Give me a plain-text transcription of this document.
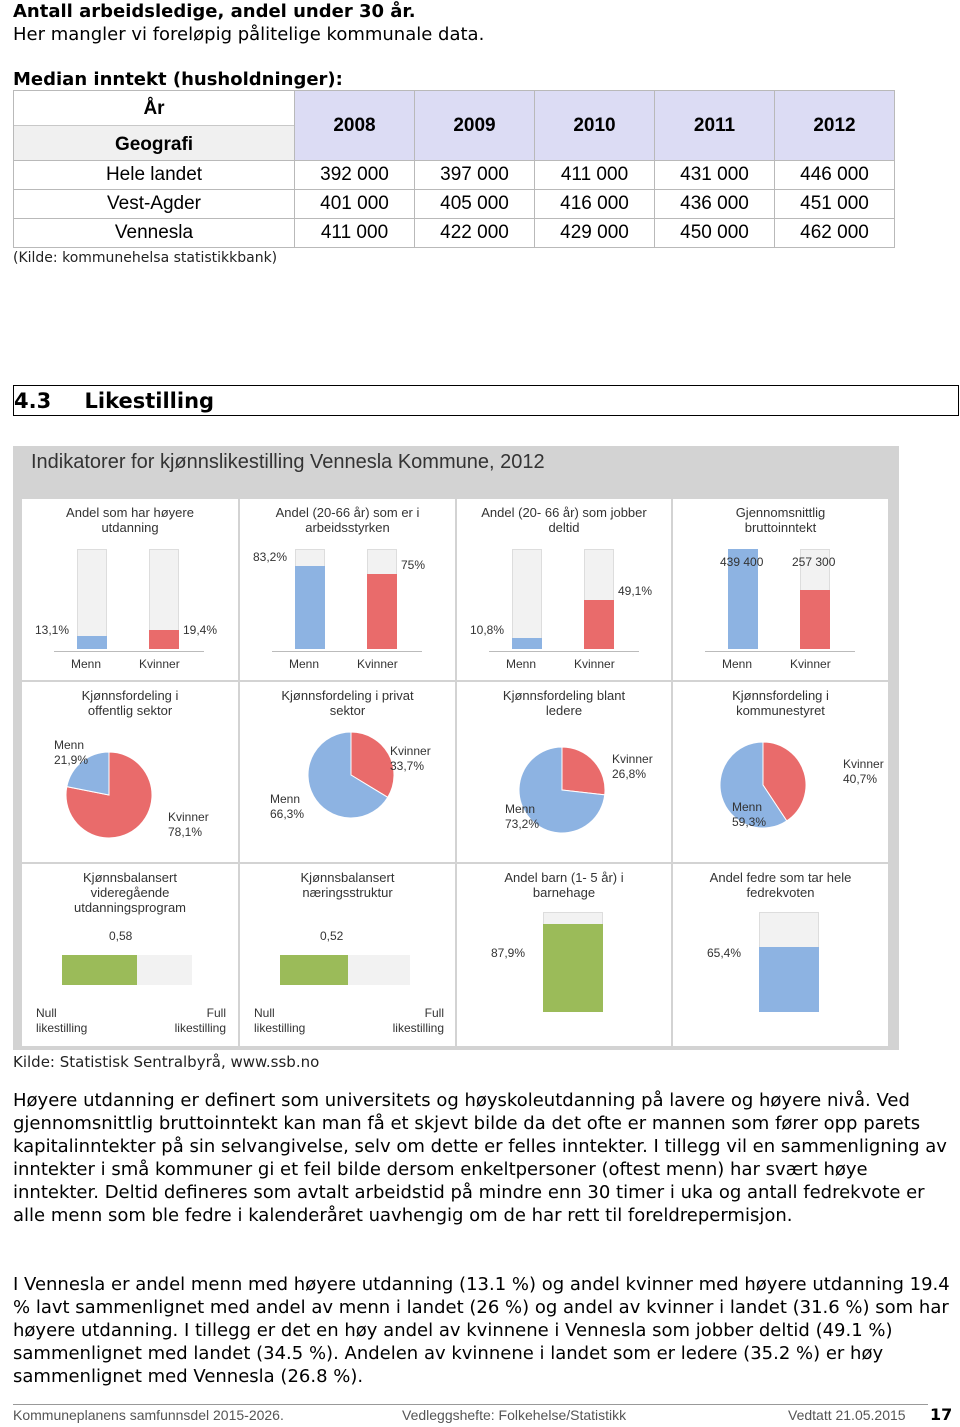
Antall arbeidsledige, andel under 30 år.
Her mangler vi foreløpig pålitelige kommunale data.
Median inntekt (husholdninger):
År
Geografi	2008	2009	2010	2011	2012
Hele landet	392 000	397 000	411 000	431 000	446 000
Vest-Agder	401 000	405 000	416 000	436 000	451 000
Vennesla	411 000	422 000	429 000	450 000	462 000
(Kilde: kommunehelsa statistikkbank)
4.3 Likestilling
Indikatorer for kjønnslikestilling Vennesla Kommune, 2012
Andel som har høyere utdanning
13,1%	19,4%
Menn	Kvinner
Andel (20-66 år) som er i arbeidsstyrken
83,2%
75%
Menn	Kvinner
Andel (20- 66 år) som jobber deltid
10,8%
49,1%
Menn	Kvinner
Gjennomsnittlig bruttoinntekt
439 400 257 300
Menn	Kvinner
Kjønnsfordeling i offentlig sektor
Menn
21,9%
Kvinner
78,1%
Kjønnsfordeling i privat sektor
Menn
66,3%
Kvinner
33,7%
Kjønnsfordeling blant ledere
Menn
73,2%
Kvinner
26,8%
Kjønnsfordeling i kommunestyret
Menn
59,3%
Kvinner
40,7%
Kjønnsbalansert videregående utdanningsprogram
0,58
Null likestilling
Full likestilling
Kjønnsbalansert næringsstruktur
0,52
Null likestilling
Full likestilling
Andel barn (1- 5 år) i barnehage
87,9%
Andel fedre som tar hele fedrekvoten
65,4%
Kilde: Statistisk Sentralbyrå, www.ssb.no
Høyere utdanning er definert som universitets og høyskoleutdanning på lavere og høyere nivå. Ved gjennomsnittlig bruttoinntekt kan man få et skjevt bilde da det ofte er mannen som fører opp parets kapitalinntekter på sin selvangivelse, selv om dette er felles inntekter. I tillegg vil en sammenligning av inntekter i små kommuner gi et feil bilde dersom enkeltpersoner (oftest menn) har svært høye inntekter. Deltid defineres som avtalt arbeidstid på mindre enn 30 timer i uka og antall fedrekvote er alle menn som ble fedre i kalenderåret uavhengig om de har rett til foreldrepermisjon.
I Vennesla er andel menn med høyere utdanning (13.1 %) og andel kvinner med høyere utdanning 19.4 % lavt sammenlignet med andel av menn i landet (26 %) og andel av kvinner i landet (31.6 %) som har høyere utdanning. I tillegg er det en høy andel av kvinnene i Vennesla som jobber deltid (49.1 %) sammenlignet med landet (34.5 %). Andelen av kvinnene i landet som er ledere (35.2 %) er høy sammenlignet med Vennesla (26.8 %).
Kommuneplanens samfunnsdel 2015-2026.	Vedleggshefte: Folkehelse/Statistikk	Vedtatt 21.05.2015 17
